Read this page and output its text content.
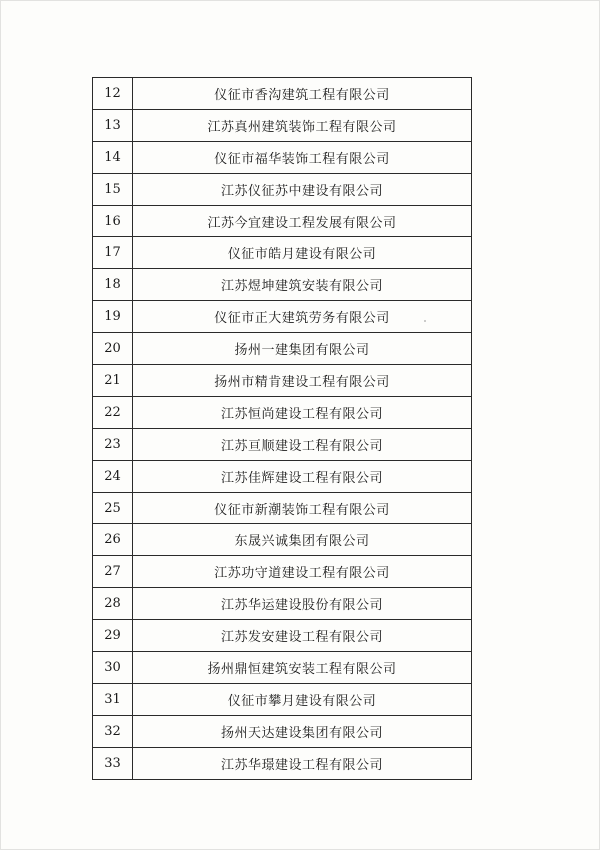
12	仪征市香沟建筑工程有限公司
13	江苏真州建筑装饰工程有限公司
14	仪征市福华装饰工程有限公司
15	江苏仪征苏中建设有限公司
16	江苏今宜建设工程发展有限公司
17	仪征市皓月建设有限公司
18	江苏煜坤建筑安装有限公司
19	仪征市正大建筑劳务有限公司
20	扬州一建集团有限公司
21	扬州市精肯建设工程有限公司
22	江苏恒尚建设工程有限公司
23	江苏亘顺建设工程有限公司
24	江苏佳辉建设工程有限公司
25	仪征市新潮装饰工程有限公司
26	东晟兴诚集团有限公司
27	江苏功守道建设工程有限公司
28	江苏华运建设股份有限公司
29	江苏发安建设工程有限公司
30	扬州鼎恒建筑安装工程有限公司
31	仪征市攀月建设有限公司
32	扬州天达建设集团有限公司
33	江苏华璟建设工程有限公司
